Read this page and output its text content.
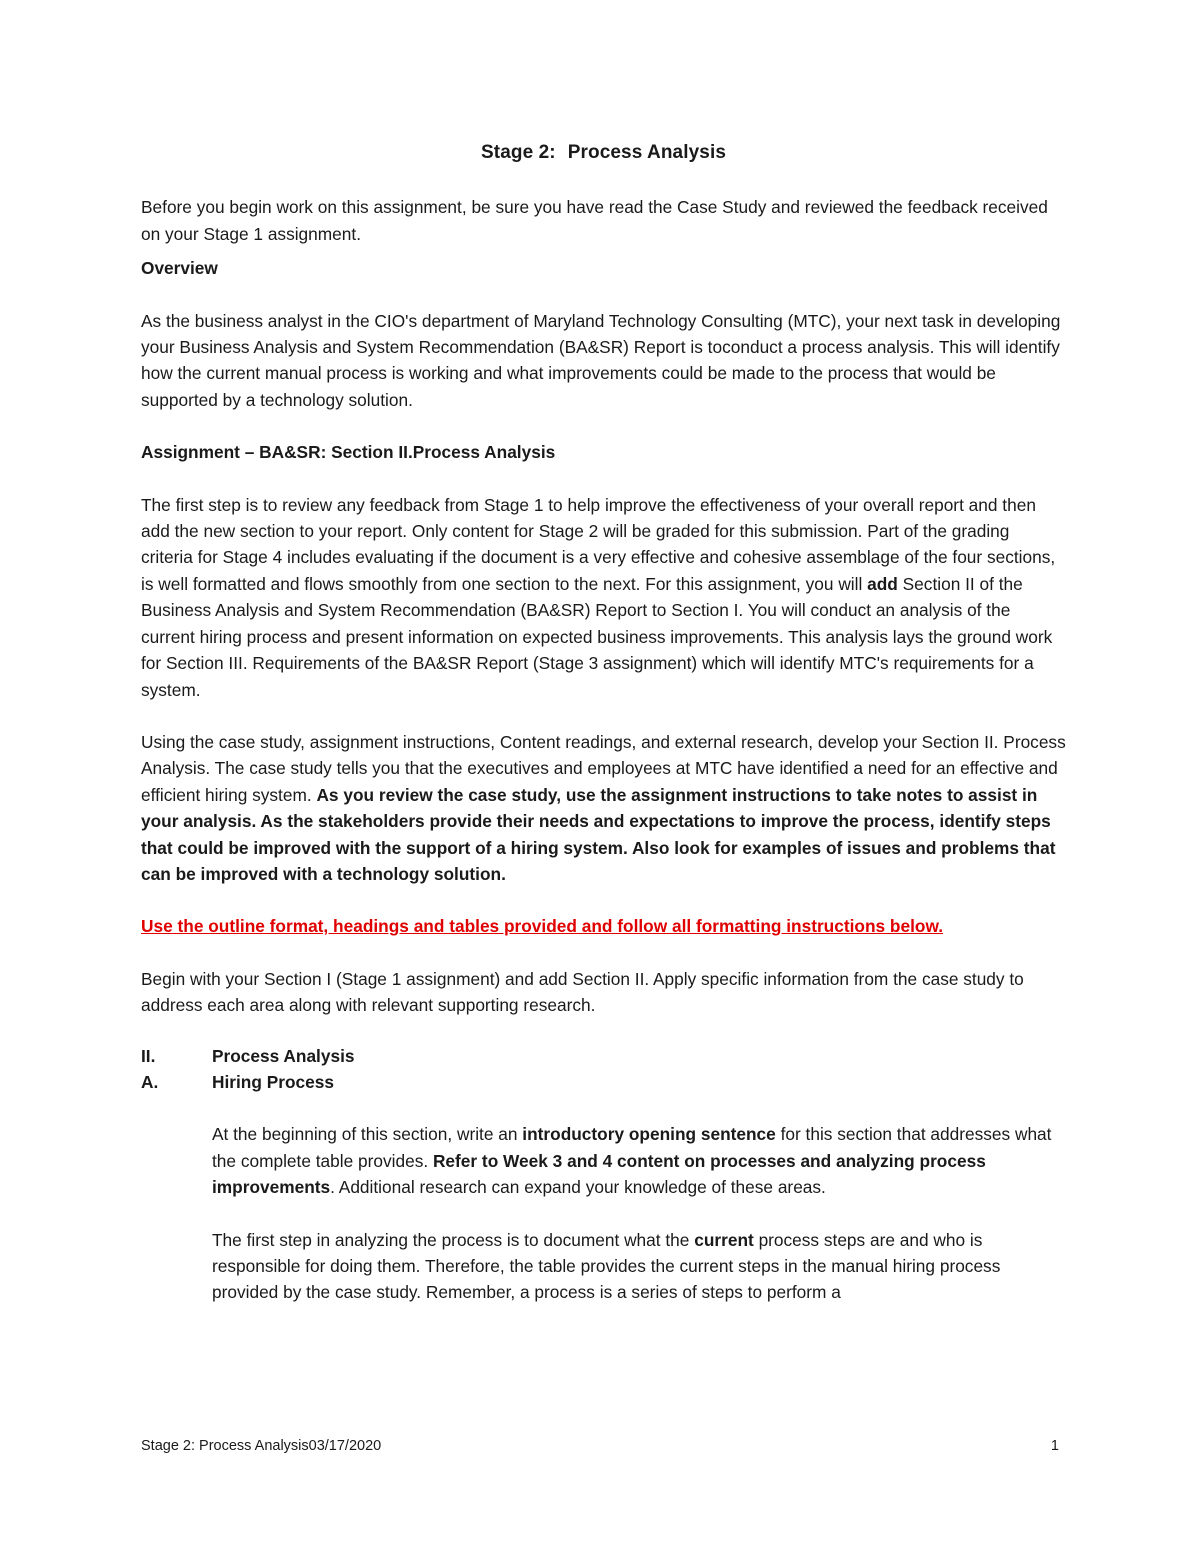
Stage 2: Process Analysis

Before you begin work on this assignment, be sure you have read the Case Study and reviewed the feedback received on your Stage 1 assignment.

Overview

As the business analyst in the CIO's department of Maryland Technology Consulting (MTC), your next task in developing your Business Analysis and System Recommendation (BA&SR) Report is toconduct a process analysis. This will identify how the current manual process is working and what improvements could be made to the process that would be supported by a technology solution.

Assignment – BA&SR: Section II.Process Analysis

The first step is to review any feedback from Stage 1 to help improve the effectiveness of your overall report and then add the new section to your report. Only content for Stage 2 will be graded for this submission. Part of the grading criteria for Stage 4 includes evaluating if the document is a very effective and cohesive assemblage of the four sections, is well formatted and flows smoothly from one section to the next. For this assignment, you will add Section II of the Business Analysis and System Recommendation (BA&SR) Report to Section I. You will conduct an analysis of the current hiring process and present information on expected business improvements. This analysis lays the ground work for Section III. Requirements of the BA&SR Report (Stage 3 assignment) which will identify MTC's requirements for a system.

Using the case study, assignment instructions, Content readings, and external research, develop your Section II. Process Analysis. The case study tells you that the executives and employees at MTC have identified a need for an effective and efficient hiring system. As you review the case study, use the assignment instructions to take notes to assist in your analysis. As the stakeholders provide their needs and expectations to improve the process, identify steps that could be improved with the support of a hiring system. Also look for examples of issues and problems that can be improved with a technology solution.

Use the outline format, headings and tables provided and follow all formatting instructions below.

Begin with your Section I (Stage 1 assignment) and add Section II. Apply specific information from the case study to address each area along with relevant supporting research.

II.	Process Analysis
A.	Hiring Process

At the beginning of this section, write an introductory opening sentence for this section that addresses what the complete table provides. Refer to Week 3 and 4 content on processes and analyzing process improvements. Additional research can expand your knowledge of these areas.

The first step in analyzing the process is to document what the current process steps are and who is responsible for doing them. Therefore, the table provides the current steps in the manual hiring process provided by the case study. Remember, a process is a series of steps to perform a

Stage 2: Process Analysis03/17/2020	1
